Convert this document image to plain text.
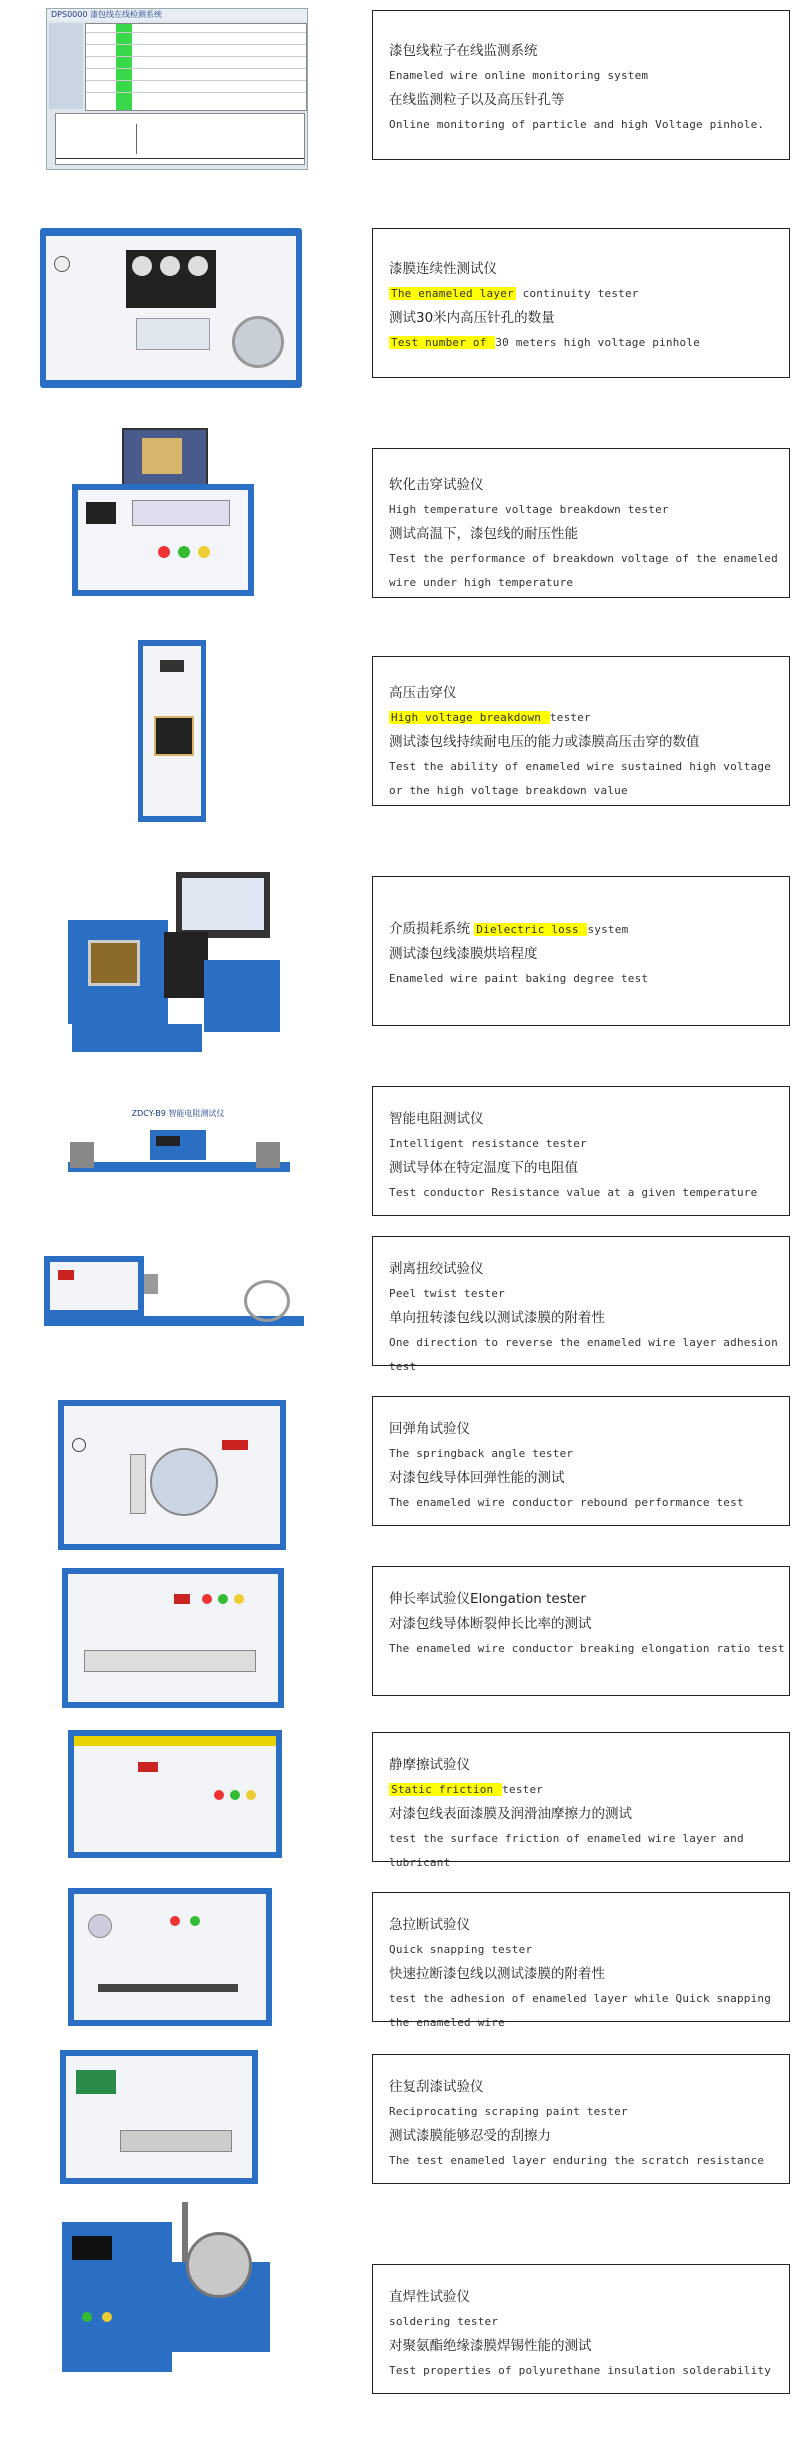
DPS0000 漆包线在线检测系统
漆包线粒子在线监测系统
Enameled wire online monitoring system
在线监测粒子以及高压针孔等
Online monitoring of particle and high Voltage pinhole.
漆膜连续性测试仪
The enameled layer continuity tester
测试30米内高压针孔的数量
Test number of 30 meters high voltage pinhole
软化击穿试验仪
High temperature voltage breakdown tester
测试高温下，漆包线的耐压性能
Test the performance of breakdown voltage of the enameled wire under high temperature
高压击穿仪
High voltage breakdown tester
测试漆包线持续耐电压的能力或漆膜高压击穿的数值
Test the ability of enameled wire sustained high voltage or the high voltage breakdown value
介质损耗系统 Dielectric loss system
测试漆包线漆膜烘培程度
Enameled wire paint baking degree test
ZDCY-B9 智能电阻测试仪	智能电阻测试仪
Intelligent resistance tester
测试导体在特定温度下的电阻值
Test conductor Resistance value at a given temperature
剥离扭绞试验仪
Peel twist tester
单向扭转漆包线以测试漆膜的附着性
One direction to reverse the enameled wire layer adhesion test
回弹角试验仪
The springback angle tester
对漆包线导体回弹性能的测试
The enameled wire conductor rebound performance test
伸长率试验仪Elongation tester
对漆包线导体断裂伸长比率的测试
The enameled wire conductor breaking elongation ratio test
静摩擦试验仪
Static friction tester
对漆包线表面漆膜及润滑油摩擦力的测试
test the surface friction of enameled wire layer and lubricant
急拉断试验仪
Quick snapping tester
快速拉断漆包线以测试漆膜的附着性
test the adhesion of enameled layer while Quick snapping the enameled wire
往复刮漆试验仪
Reciprocating scraping paint tester
测试漆膜能够忍受的刮擦力
The test enameled layer enduring the scratch resistance
直焊性试验仪
soldering tester
对聚氨酯绝缘漆膜焊锡性能的测试
Test properties of polyurethane insulation solderability
